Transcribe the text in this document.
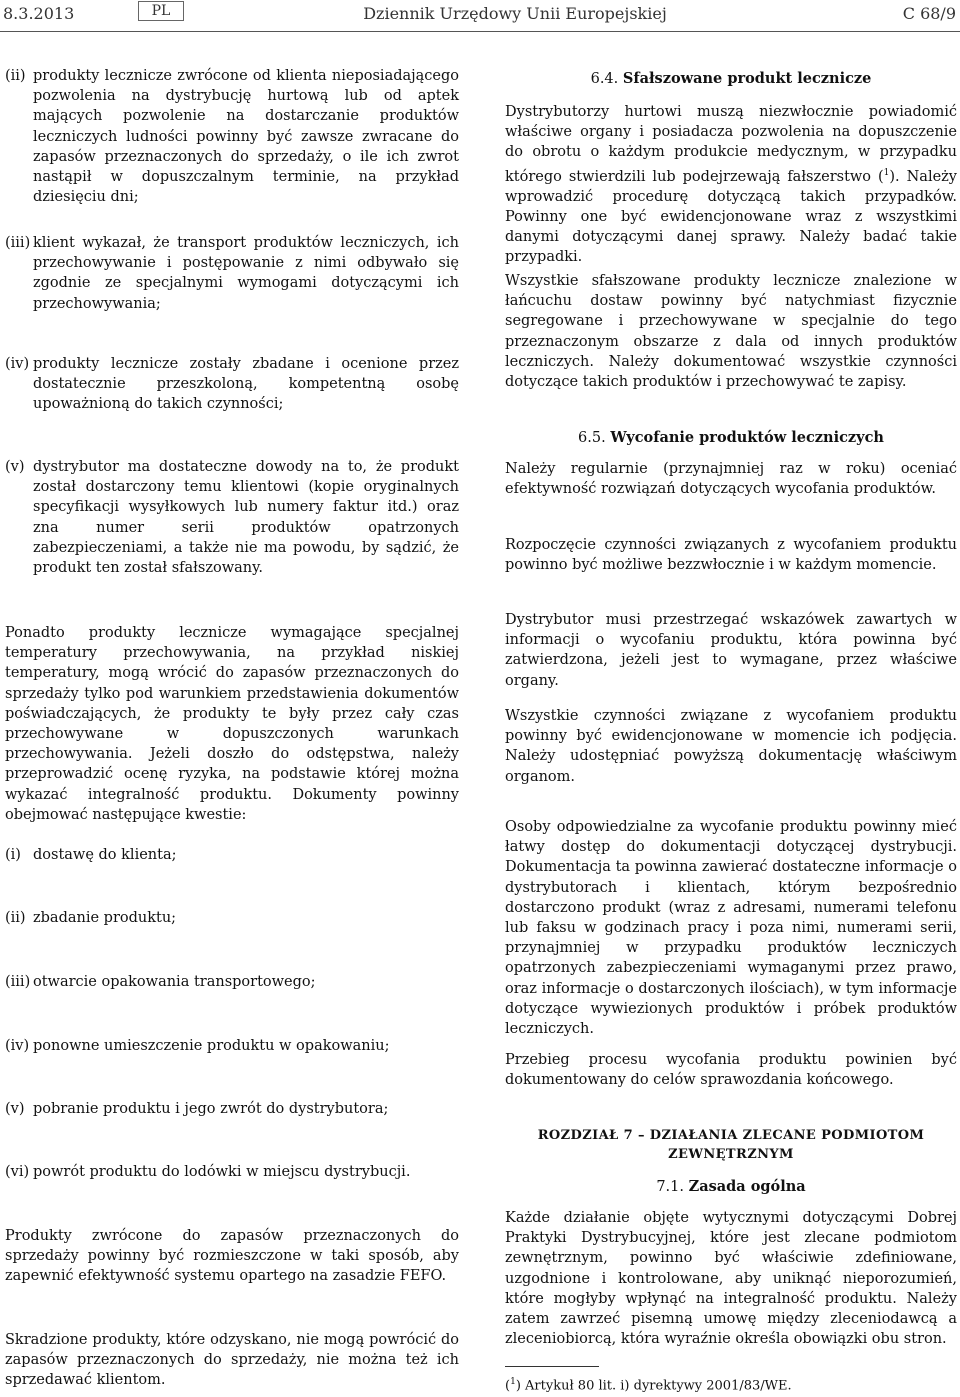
8.3.2013	PL	Dziennik Urzędowy Unii Europejskiej	C 68/9
(ii) produkty lecznicze zwrócone od klienta nieposiadającego pozwolenia na dystrybucję hurtową lub od aptek mających pozwolenie na dostarczanie produktów leczniczych ludności powinny być zawsze zwracane do zapasów przeznaczonych do sprzedaży, o ile ich zwrot nastąpił w dopuszczalnym terminie, na przykład dziesięciu dni;
(iii) klient wykazał, że transport produktów leczniczych, ich przechowywanie i postępowanie z nimi odbywało się zgodnie ze specjalnymi wymogami dotyczącymi ich przechowywania;
(iv) produkty lecznicze zostały zbadane i ocenione przez dostatecznie przeszkoloną, kompetentną osobę upoważnioną do takich czynności;
(v) dystrybutor ma dostateczne dowody na to, że produkt został dostarczony temu klientowi (kopie oryginalnych specyfikacji wysyłkowych lub numery faktur itd.) oraz zna numer serii produktów opatrzonych zabezpieczeniami, a także nie ma powodu, by sądzić, że produkt ten został sfałszowany.
Ponadto produkty lecznicze wymagające specjalnej temperatury przechowywania, na przykład niskiej temperatury, mogą wrócić do zapasów przeznaczonych do sprzedaży tylko pod warunkiem przedstawienia dokumentów poświadczających, że produkty te były przez cały czas przechowywane w dopuszczonych warunkach przechowywania. Jeżeli doszło do odstępstwa, należy przeprowadzić ocenę ryzyka, na podstawie której można wykazać integralność produktu. Dokumenty powinny obejmować następujące kwestie:
(i) dostawę do klienta;
(ii) zbadanie produktu;
(iii) otwarcie opakowania transportowego;
(iv) ponowne umieszczenie produktu w opakowaniu;
(v) pobranie produktu i jego zwrót do dystrybutora;
(vi) powrót produktu do lodówki w miejscu dystrybucji.
Produkty zwrócone do zapasów przeznaczonych do sprzedaży powinny być rozmieszczone w taki sposób, aby zapewnić efektywność systemu opartego na zasadzie FEFO.
Skradzione produkty, które odzyskano, nie mogą powrócić do zapasów przeznaczonych do sprzedaży, nie można też ich sprzedawać klientom.
6.4. Sfałszowane produkt lecznicze
Dystrybutorzy hurtowi muszą niezwłocznie powiadomić właściwe organy i posiadacza pozwolenia na dopuszczenie do obrotu o każdym produkcie medycznym, w przypadku którego stwierdzili lub podejrzewają fałszerstwo ($^1$). Należy wprowadzić procedurę dotyczącą takich przypadków. Powinny one być ewidencjonowane wraz z wszystkimi danymi dotyczącymi danej sprawy. Należy badać takie przypadki.
Wszystkie sfałszowane produkty lecznicze znalezione w łańcuchu dostaw powinny być natychmiast fizycznie segregowane i przechowywane w specjalnie do tego przeznaczonym obszarze z dala od innych produktów leczniczych. Należy dokumentować wszystkie czynności dotyczące takich produktów i przechowywać te zapisy.
6.5. Wycofanie produktów leczniczych
Należy regularnie (przynajmniej raz w roku) oceniać efektywność rozwiązań dotyczących wycofania produktów.
Rozpoczęcie czynności związanych z wycofaniem produktu powinno być możliwe bezzwłocznie i w każdym momencie.
Dystrybutor musi przestrzegać wskazówek zawartych w informacji o wycofaniu produktu, która powinna być zatwierdzona, jeżeli jest to wymagane, przez właściwe organy.
Wszystkie czynności związane z wycofaniem produktu powinny być ewidencjonowane w momencie ich podjęcia. Należy udostępniać powyższą dokumentację właściwym organom.
Osoby odpowiedzialne za wycofanie produktu powinny mieć łatwy dostęp do dokumentacji dotyczącej dystrybucji. Dokumentacja ta powinna zawierać dostateczne informacje o dystrybutorach i klientach, którym bezpośrednio dostarczono produkt (wraz z adresami, numerami telefonu lub faksu w godzinach pracy i poza nimi, numerami serii, przynajmniej w przypadku produktów leczniczych opatrzonych zabezpieczeniami wymaganymi przez prawo, oraz informacje o dostarczonych ilościach), w tym informacje dotyczące wywiezionych produktów i próbek produktów leczniczych.
Przebieg procesu wycofania produktu powinien być dokumentowany do celów sprawozdania końcowego.
ROZDZIAŁ 7 – DZIAŁANIA ZLECANE PODMIOTOM
ZEWNĘTRZNYM
7.1. Zasada ogólna
Każde działanie objęte wytycznymi dotyczącymi Dobrej Praktyki Dystrybucyjnej, które jest zlecane podmiotom zewnętrznym, powinno być właściwie zdefiniowane, uzgodnione i kontrolowane, aby uniknąć nieporozumień, które mogłyby wpłynąć na integralność produktu. Należy zatem zawrzeć pisemną umowę między zleceniodawcą a zleceniobiorcą, która wyraźnie określa obowiązki obu stron.
($^1$) Artykuł 80 lit. i) dyrektywy 2001/83/WE.
